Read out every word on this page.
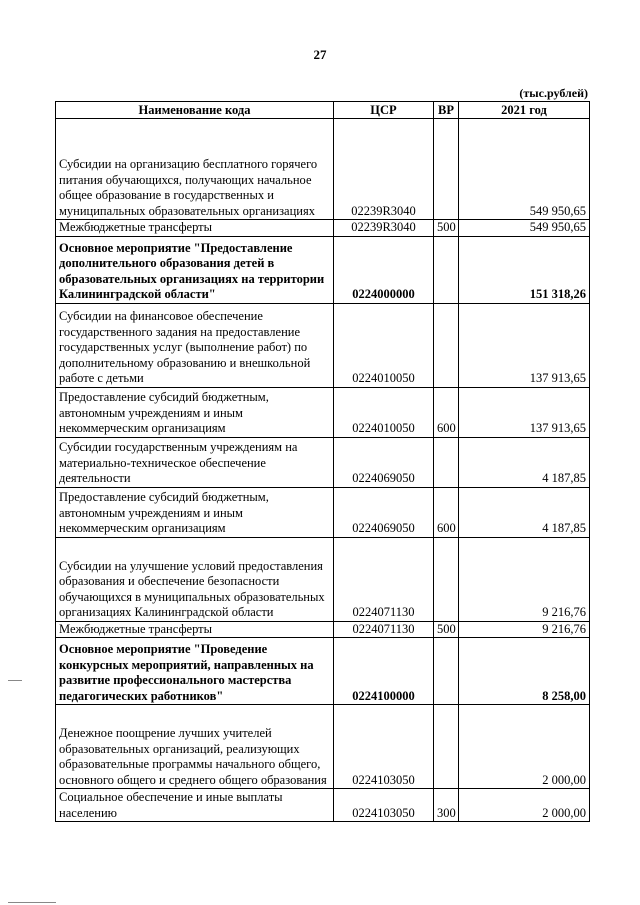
27
(тыс.рублей)
Наименование кода	ЦСР	ВР	2021 год
Субсидии на организацию бесплатного горячего питания обучающихся, получающих начальное общее образование в государственных и муниципальных образовательных организациях	02239R3040		549 950,65
Межбюджетные трансферты	02239R3040	500	549 950,65
Основное мероприятие "Предоставление дополнительного образования детей в образовательных организациях на территории Калининградской области"	0224000000		151 318,26
Субсидии на финансовое обеспечение государственного задания на предоставление государственных услуг (выполнение работ) по дополнительному образованию и внешкольной работе с детьми	0224010050		137 913,65
Предоставление субсидий бюджетным, автономным учреждениям и иным некоммерческим организациям	0224010050	600	137 913,65
Субсидии государственным учреждениям на материально-техническое обеспечение деятельности	0224069050		4 187,85
Предоставление субсидий бюджетным, автономным учреждениям и иным некоммерческим организациям	0224069050	600	4 187,85
Субсидии на улучшение условий предоставления образования и обеспечение безопасности обучающихся в муниципальных образовательных организациях Калининградской области	0224071130		9 216,76
Межбюджетные трансферты	0224071130	500	9 216,76
Основное мероприятие "Проведение конкурсных мероприятий, направленных на развитие профессионального мастерства педагогических работников"	0224100000		8 258,00
Денежное поощрение лучших учителей образовательных организаций, реализующих образовательные программы начального общего, основного общего и среднего общего образования	0224103050		2 000,00
Социальное обеспечение и иные выплаты населению	0224103050	300	2 000,00
